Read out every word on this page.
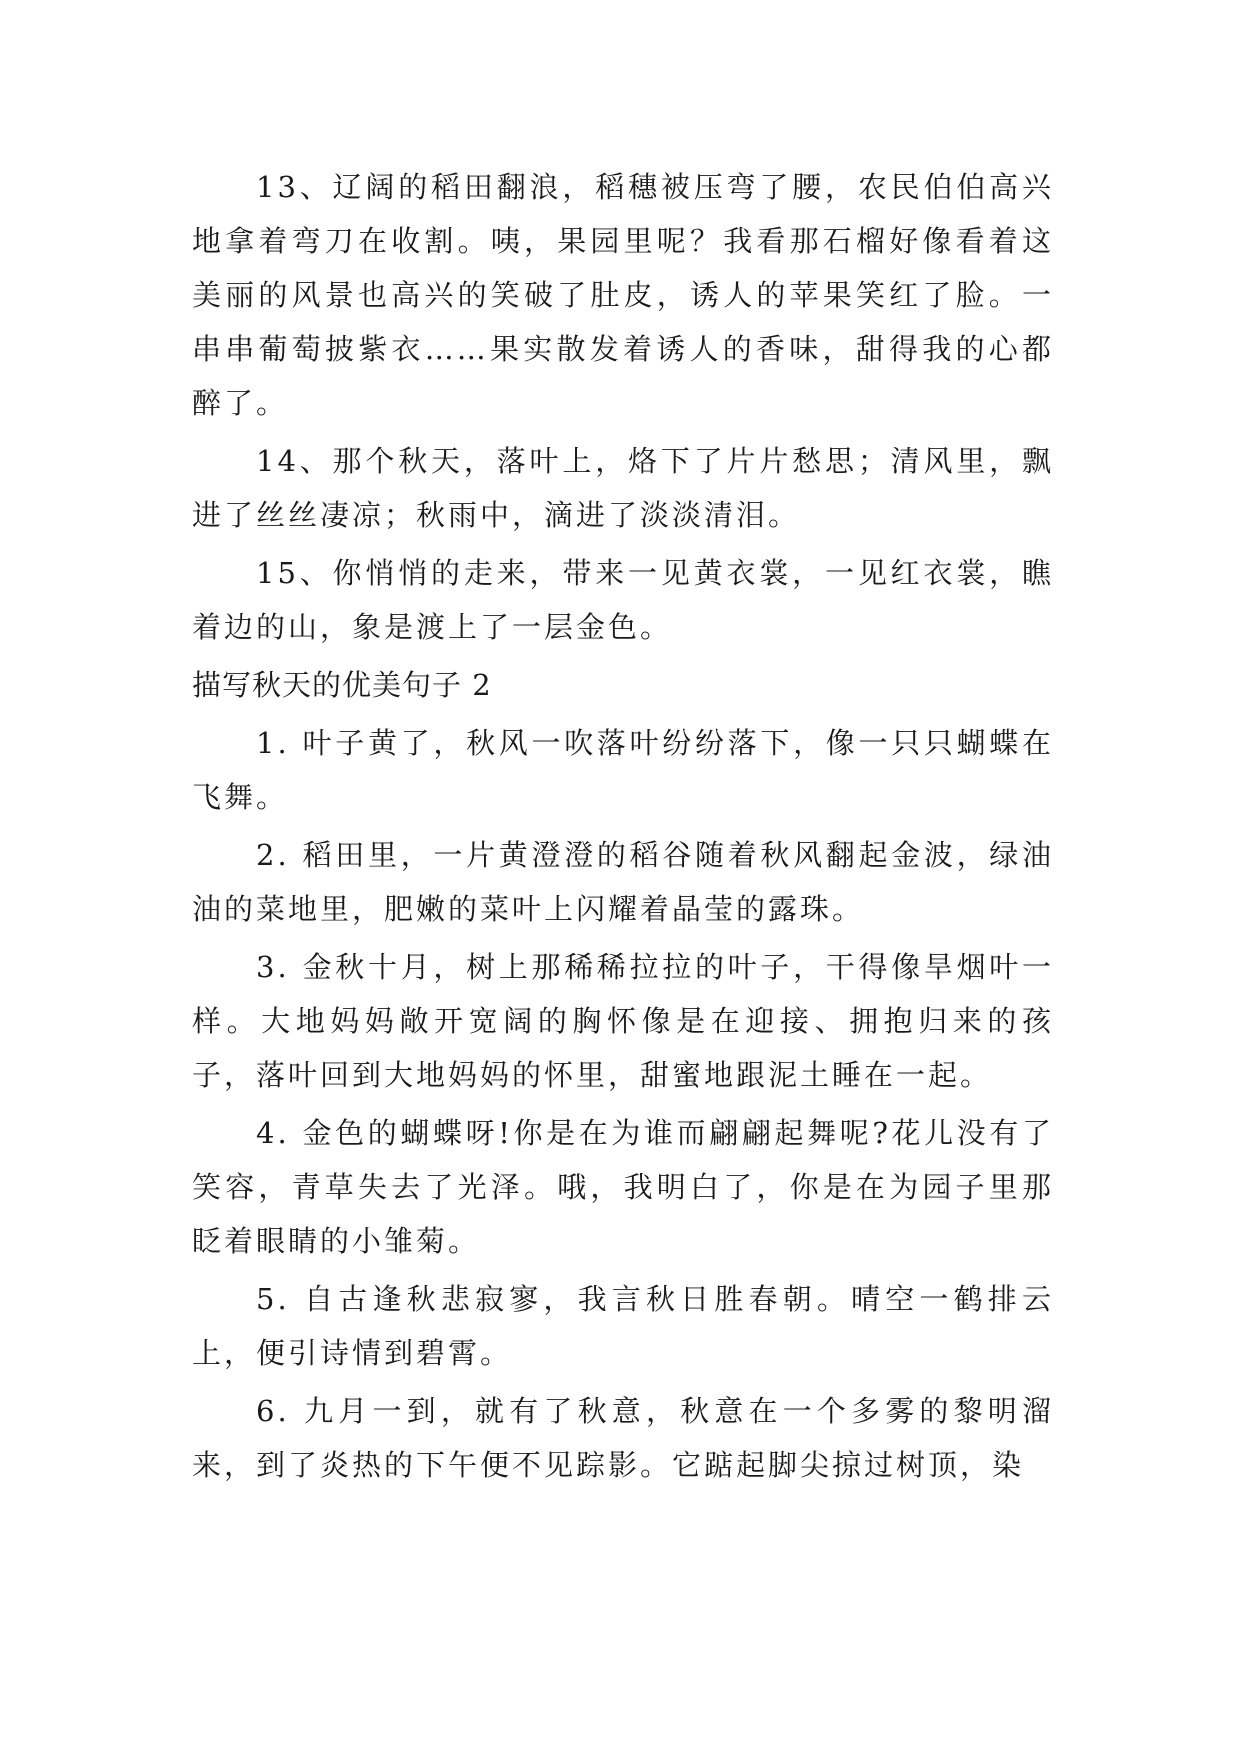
13、辽阔的稻田翻浪，稻穗被压弯了腰，农民伯伯高兴地拿着弯刀在收割。咦，果园里呢？我看那石榴好像看着这美丽的风景也高兴的笑破了肚皮，诱人的苹果笑红了脸。一串串葡萄披紫衣……果实散发着诱人的香味，甜得我的心都醉了。

14、那个秋天，落叶上，烙下了片片愁思；清风里，飘进了丝丝凄凉；秋雨中，滴进了淡淡清泪。

15、你悄悄的走来，带来一见黄衣裳，一见红衣裳，瞧着边的山，象是渡上了一层金色。

描写秋天的优美句子 2

1. 叶子黄了，秋风一吹落叶纷纷落下，像一只只蝴蝶在飞舞。

2. 稻田里，一片黄澄澄的稻谷随着秋风翻起金波，绿油油的菜地里，肥嫩的菜叶上闪耀着晶莹的露珠。

3. 金秋十月，树上那稀稀拉拉的叶子，干得像旱烟叶一样。大地妈妈敞开宽阔的胸怀像是在迎接、拥抱归来的孩子，落叶回到大地妈妈的怀里，甜蜜地跟泥土睡在一起。

4. 金色的蝴蝶呀!你是在为谁而翩翩起舞呢?花儿没有了笑容，青草失去了光泽。哦，我明白了，你是在为园子里那眨着眼睛的小雏菊。

5. 自古逢秋悲寂寥，我言秋日胜春朝。晴空一鹤排云上，便引诗情到碧霄。

6. 九月一到，就有了秋意，秋意在一个多雾的黎明溜来，到了炎热的下午便不见踪影。它踮起脚尖掠过树顶，染
